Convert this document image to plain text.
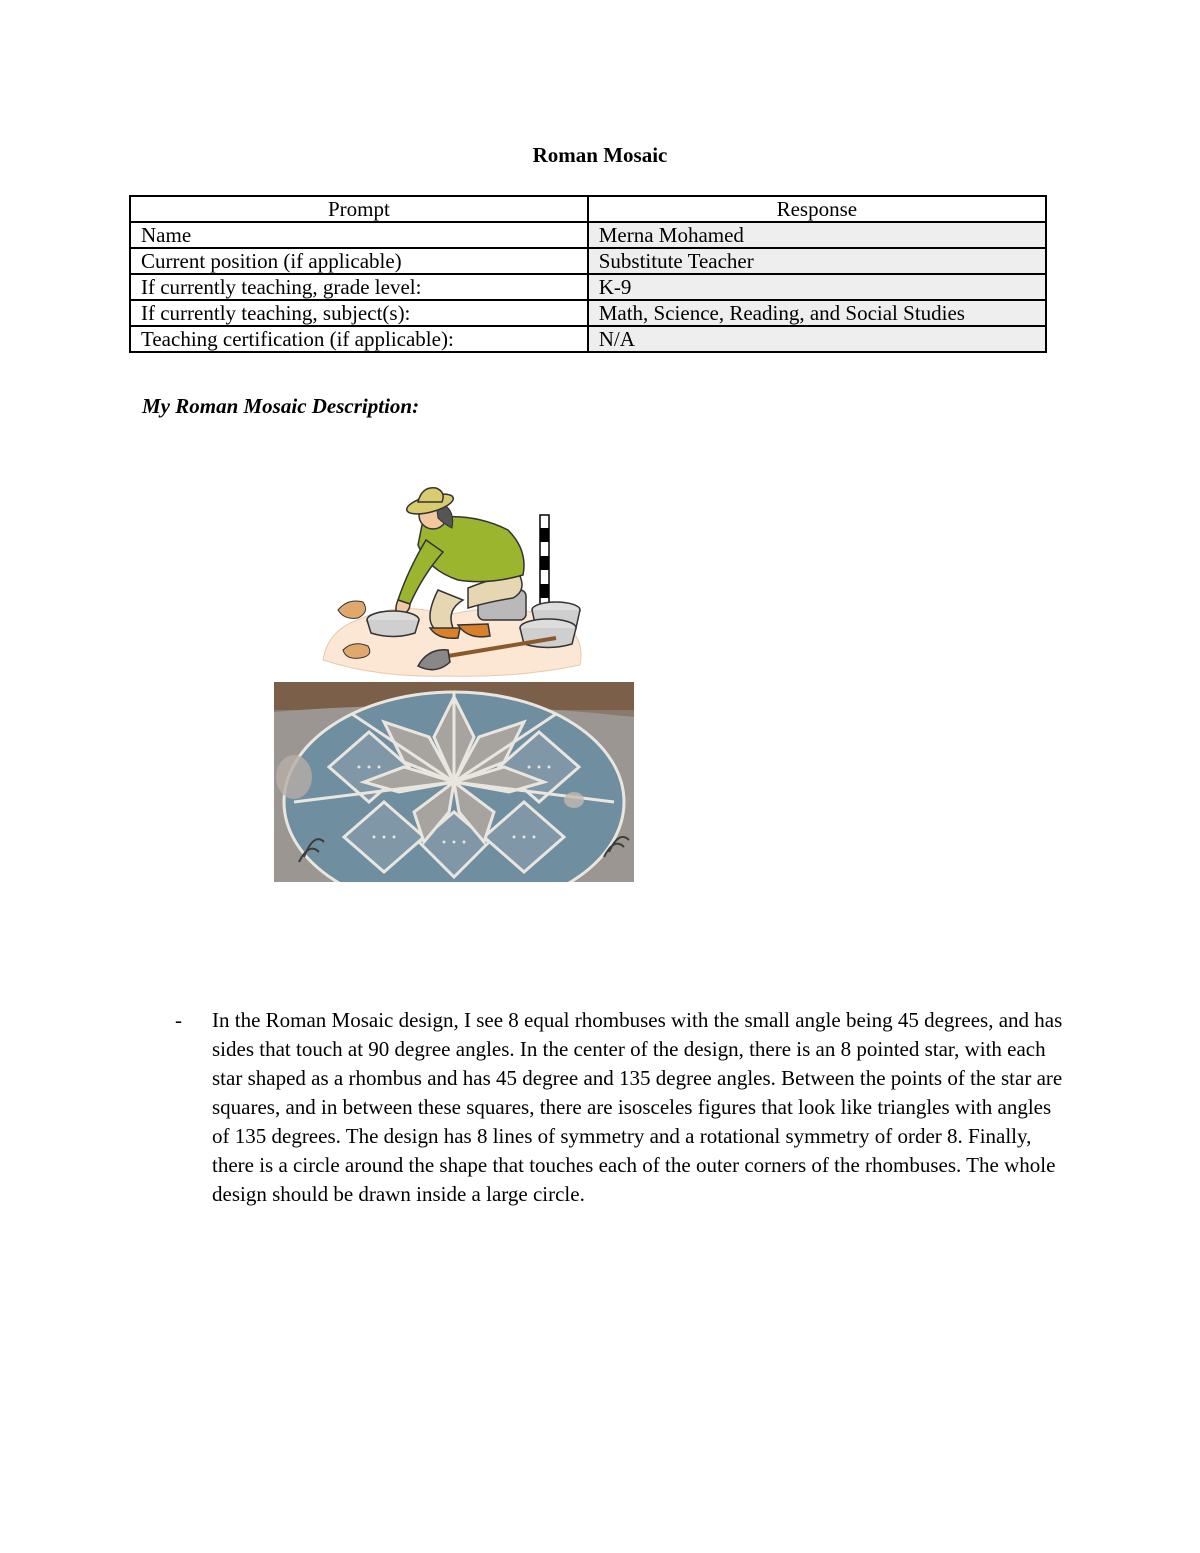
Roman Mosaic
Prompt	Response
Name	Merna Mohamed
Current position (if applicable)	Substitute Teacher
If currently teaching, grade level:	K-9
If currently teaching, subject(s):	Math, Science, Reading, and Social Studies
Teaching certification (if applicable):	N/A
My Roman Mosaic Description:
- In the Roman Mosaic design, I see 8 equal rhombuses with the small angle being 45 degrees, and has sides that touch at 90 degree angles. In the center of the design, there is an 8 pointed star, with each star shaped as a rhombus and has 45 degree and 135 degree angles. Between the points of the star are squares, and in between these squares, there are isosceles figures that look like triangles with angles of 135 degrees. The design has 8 lines of symmetry and a rotational symmetry of order 8. Finally, there is a circle around the shape that touches each of the outer corners of the rhombuses. The whole design should be drawn inside a large circle.
